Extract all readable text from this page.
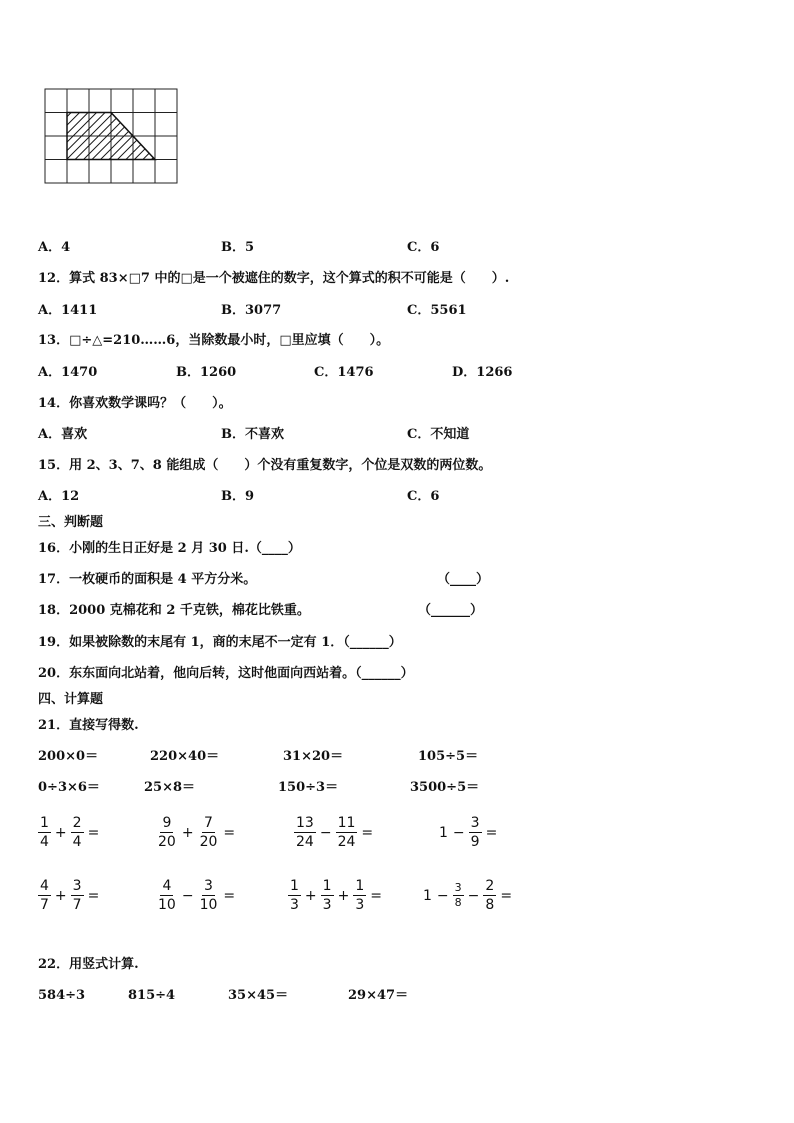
A．4	B．5	C．6
12．算式 83×□7 中的□是一个被遮住的数字，这个算式的积不可能是（　　）.
A．1411	B．3077	C．5561
13．□÷△=210……6，当除数最小时，□里应填（　　）。
A．1470	B．1260	C．1476	D．1266
14．你喜欢数学课吗？（　　）。
A．喜欢	B．不喜欢	C．不知道
15．用 2、3、7、8 能组成（　　）个没有重复数字，个位是双数的两位数。
A．12	B．9	C．6
三、判断题
16．小刚的生日正好是 2 月 30 日.（____）
17．一枚硬币的面积是 4 平方分米。	（____）
18．2000 克棉花和 2 千克铁，棉花比铁重。	（______）
19．如果被除数的末尾有 1，商的末尾不一定有 1．（______）
20．东东面向北站着，他向后转，这时他面向西站着。（______）
四、计算题
21．直接写得数.
200×0＝	220×40＝	31×20＝	105÷5＝
0÷3×6＝	25×8＝	150÷3＝	3500÷5＝
$\frac{1}{4} + \frac{2}{4}$ =	$\frac{9}{20} + \frac{7}{20}$ =	$\frac{13}{24} - \frac{11}{24}$ =	$1 - \frac{3}{9}$ =
$\frac{4}{7} + \frac{3}{7}$ =	$\frac{4}{10} - \frac{3}{10}$ =	$\frac{1}{3} + \frac{1}{3} + \frac{1}{3}$ =	$1 - \frac{3}{8} - \frac{2}{8}$ =
22．用竖式计算.
584÷3	815÷4	35×45＝	29×47＝
